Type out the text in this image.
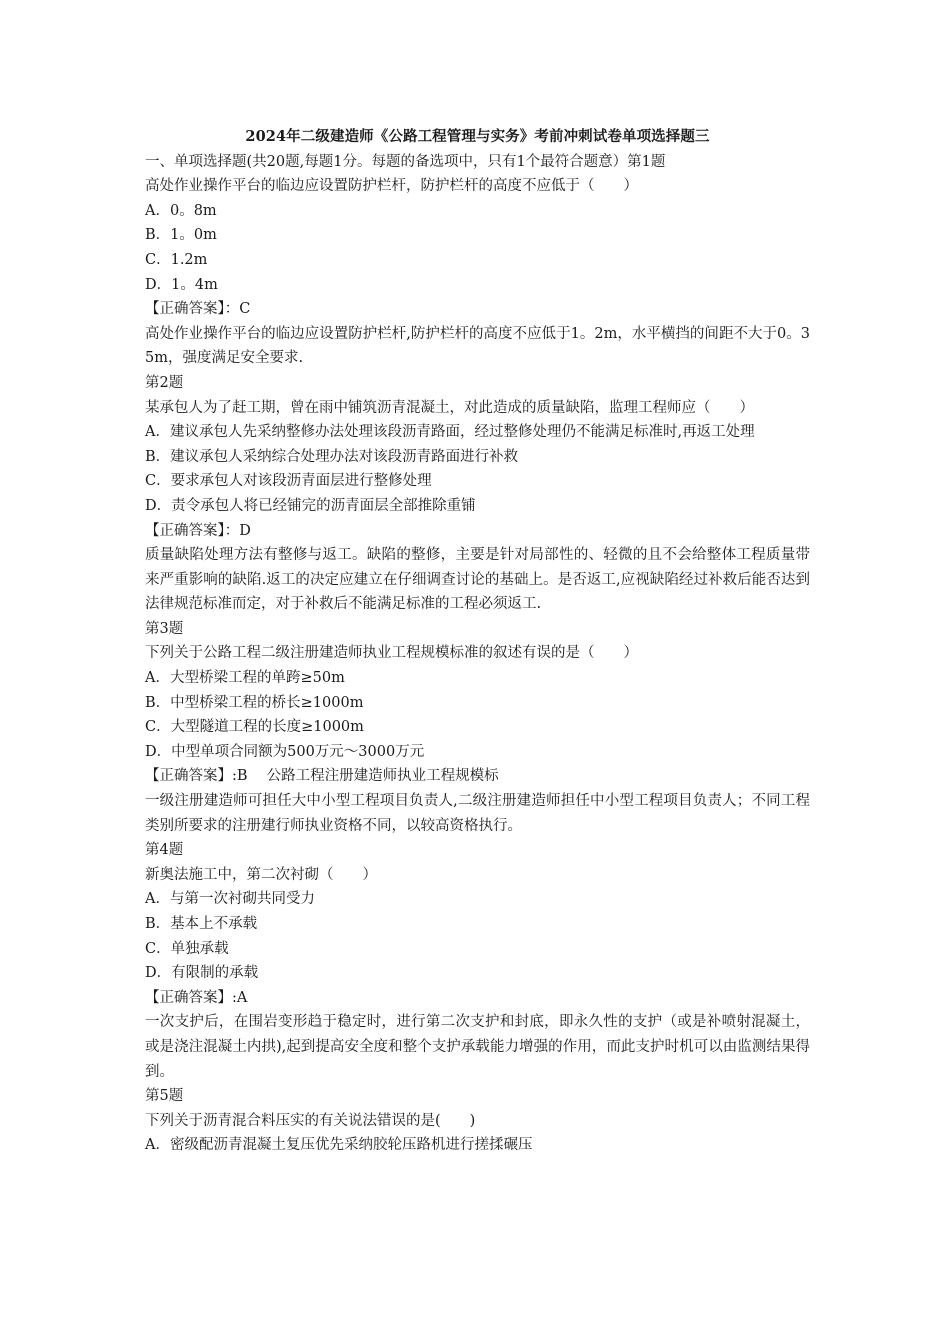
2024年二级建造师《公路工程管理与实务》考前冲刺试卷单项选择题三

一、单项选择题(共20题,每题1分。每题的备选项中，只有1个最符合题意）第1题

高处作业操作平台的临边应设置防护栏杆，防护栏杆的高度不应低于（　　）

A．0。8m

B．1。0m

C．1.2m

D．1。4m

【正确答案】：C

高处作业操作平台的临边应设置防护栏杆,防护栏杆的高度不应低于1。2m，水平横挡的间距不大于0。35m，强度满足安全要求.

第2题

某承包人为了赶工期，曾在雨中铺筑沥青混凝土，对此造成的质量缺陷，监理工程师应（　　）

A．建议承包人先采纳整修办法处理该段沥青路面，经过整修处理仍不能满足标准时,再返工处理

B．建议承包人采纳综合处理办法对该段沥青路面进行补救

C．要求承包人对该段沥青面层进行整修处理

D．责令承包人将已经铺完的沥青面层全部推除重铺

【正确答案】：D

质量缺陷处理方法有整修与返工。缺陷的整修，主要是针对局部性的、轻微的且不会给整体工程质量带来严重影响的缺陷.返工的决定应建立在仔细调查讨论的基础上。是否返工,应视缺陷经过补救后能否达到法律规范标准而定，对于补救后不能满足标准的工程必须返工.

第3题

下列关于公路工程二级注册建造师执业工程规模标准的叙述有误的是（　　）

A．大型桥梁工程的单跨≥50m

B．中型桥梁工程的桥长≥1000m

C．大型隧道工程的长度≥1000m

D．中型单项合同额为500万元～3000万元

【正确答案】:B　 公路工程注册建造师执业工程规模标

一级注册建造师可担任大中小型工程项目负责人,二级注册建造师担任中小型工程项目负责人；不同工程类别所要求的注册建行师执业资格不同，以较高资格执行。

第4题

新奥法施工中，第二次衬砌（　　）

A．与第一次衬砌共同受力

B．基本上不承载

C．单独承载

D．有限制的承载

【正确答案】:A

一次支护后，在围岩变形趋于稳定时，进行第二次支护和封底，即永久性的支护（或是补喷射混凝土，或是浇注混凝土内拱),起到提高安全度和整个支护承载能力增强的作用，而此支护时机可以由监测结果得到。

第5题

下列关于沥青混合料压实的有关说法错误的是(　　)

A．密级配沥青混凝土复压优先采纳胶轮压路机进行搓揉碾压
